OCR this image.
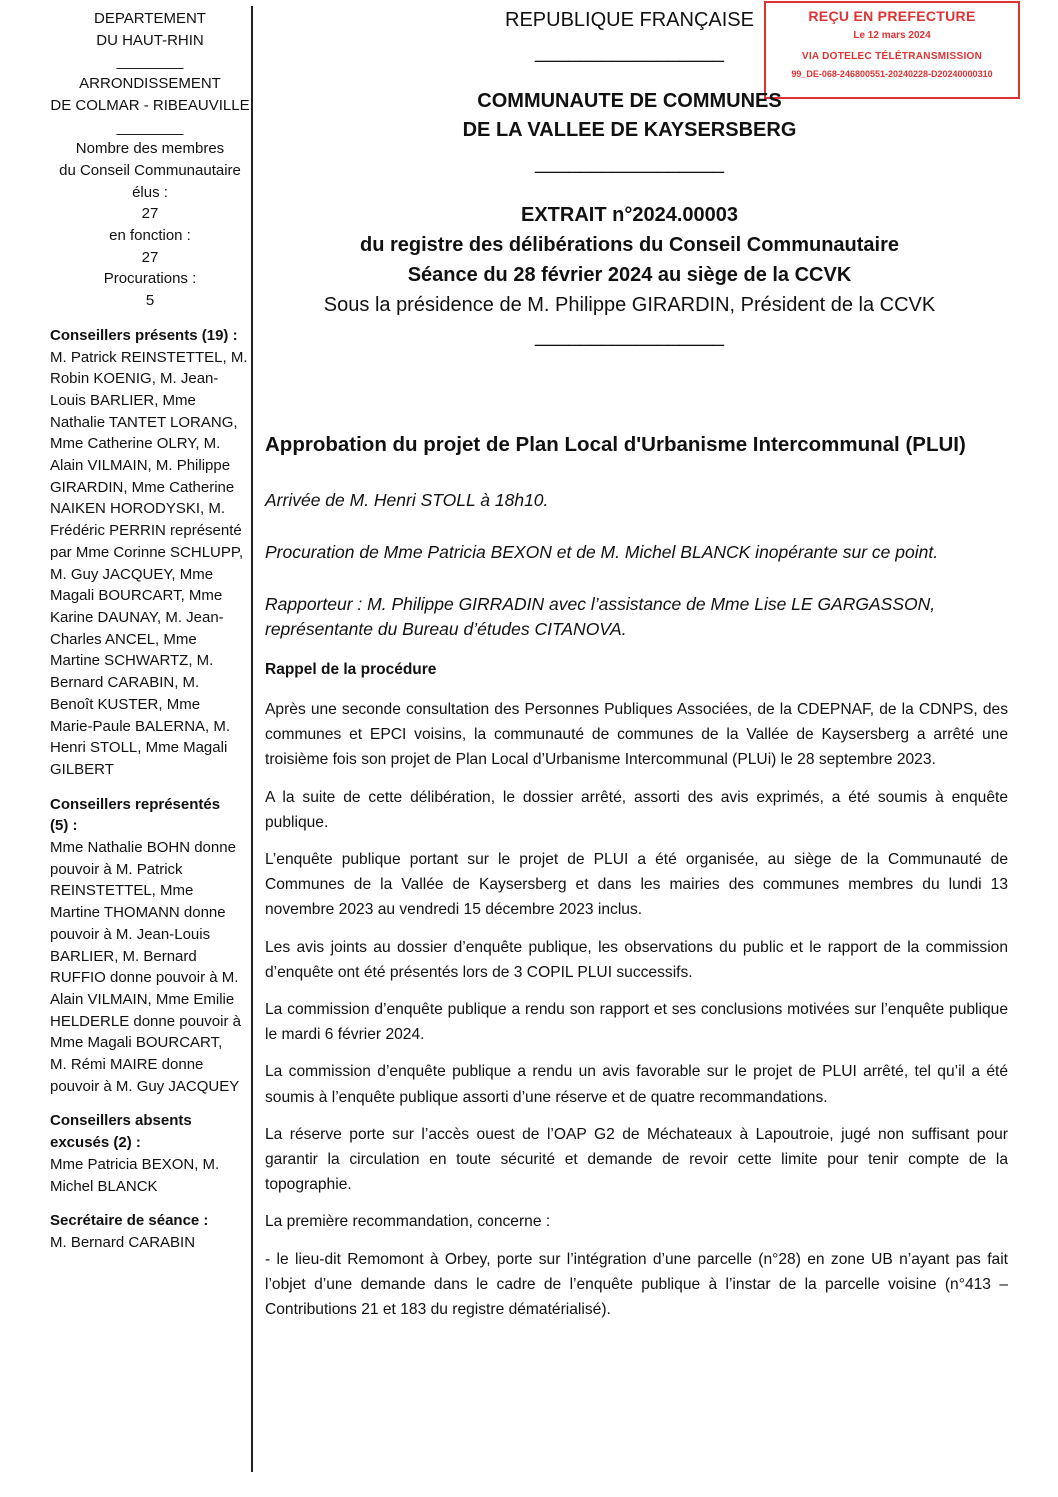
DEPARTEMENT
DU HAUT-RHIN
________
ARRONDISSEMENT
DE COLMAR - RIBEAUVILLE
________
Nombre des membres
du Conseil Communautaire
élus :
27
en fonction :
27
Procurations :
5
Conseillers présents (19) :
M. Patrick REINSTETTEL, M.
Robin KOENIG, M. Jean-
Louis BARLIER, Mme
Nathalie TANTET LORANG,
Mme Catherine OLRY, M.
Alain VILMAIN, M. Philippe
GIRARDIN, Mme Catherine
NAIKEN HORODYSKI, M.
Frédéric PERRIN représenté
par Mme Corinne SCHLUPP,
M. Guy JACQUEY, Mme
Magali BOURCART, Mme
Karine DAUNAY, M. Jean-
Charles ANCEL, Mme
Martine SCHWARTZ, M.
Bernard CARABIN, M.
Benoît KUSTER, Mme
Marie-Paule BALERNA, M.
Henri STOLL, Mme Magali
GILBERT
Conseillers représentés
(5) :
Mme Nathalie BOHN donne
pouvoir à M. Patrick
REINSTETTEL, Mme
Martine THOMANN donne
pouvoir à M. Jean-Louis
BARLIER, M. Bernard
RUFFIO donne pouvoir à M.
Alain VILMAIN, Mme Emilie
HELDERLE donne pouvoir à
Mme Magali BOURCART,
M. Rémi MAIRE donne
pouvoir à M. Guy JACQUEY
Conseillers absents
excusés (2) :
Mme Patricia BEXON, M.
Michel BLANCK
Secrétaire de séance :
M. Bernard CARABIN
REÇU EN PREFECTURE
Le 12 mars 2024
VIA DOTELEC TÉLÉTRANSMISSION
99_DE-068-246800551-20240228-D20240000310
REPUBLIQUE FRANÇAISE
_________________
COMMUNAUTE DE COMMUNES
DE LA VALLEE DE KAYSERSBERG
_________________
EXTRAIT n°2024.00003
du registre des délibérations du Conseil Communautaire
Séance du 28 février 2024 au siège de la CCVK
Sous la présidence de M. Philippe GIRARDIN, Président de la CCVK
_________________
Approbation du projet de Plan Local d'Urbanisme Intercommunal (PLUI)
Arrivée de M. Henri STOLL à 18h10.
Procuration de Mme Patricia BEXON et de M. Michel BLANCK inopérante sur ce point.
Rapporteur : M. Philippe GIRRADIN avec l’assistance de Mme Lise LE GARGASSON, représentante du Bureau d’études CITANOVA.
Rappel de la procédure

Après une seconde consultation des Personnes Publiques Associées, de la CDEPNAF, de la CDNPS, des communes et EPCI voisins, la communauté de communes de la Vallée de Kaysersberg a arrêté une troisième fois son projet de Plan Local d’Urbanisme Intercommunal (PLUi) le 28 septembre 2023.

A la suite de cette délibération, le dossier arrêté, assorti des avis exprimés, a été soumis à enquête publique.

L’enquête publique portant sur le projet de PLUI a été organisée, au siège de la Communauté de Communes de la Vallée de Kaysersberg et dans les mairies des communes membres du lundi 13 novembre 2023 au vendredi 15 décembre 2023 inclus.

Les avis joints au dossier d’enquête publique, les observations du public et le rapport de la commission d’enquête ont été présentés lors de 3 COPIL PLUI successifs.

La commission d’enquête publique a rendu son rapport et ses conclusions motivées sur l’enquête publique le mardi 6 février 2024.

La commission d’enquête publique a rendu un avis favorable sur le projet de PLUI arrêté, tel qu’il a été soumis à l’enquête publique assorti d’une réserve et de quatre recommandations.

La réserve porte sur l’accès ouest de l’OAP G2 de Méchateaux à Lapoutroie, jugé non suffisant pour garantir la circulation en toute sécurité et demande de revoir cette limite pour tenir compte de la topographie.

La première recommandation, concerne :

- le lieu-dit Remomont à Orbey, porte sur l’intégration d’une parcelle (n°28) en zone UB n’ayant pas fait l’objet d’une demande dans le cadre de l’enquête publique à l’instar de la parcelle voisine (n°413 – Contributions 21 et 183 du registre dématérialisé).
